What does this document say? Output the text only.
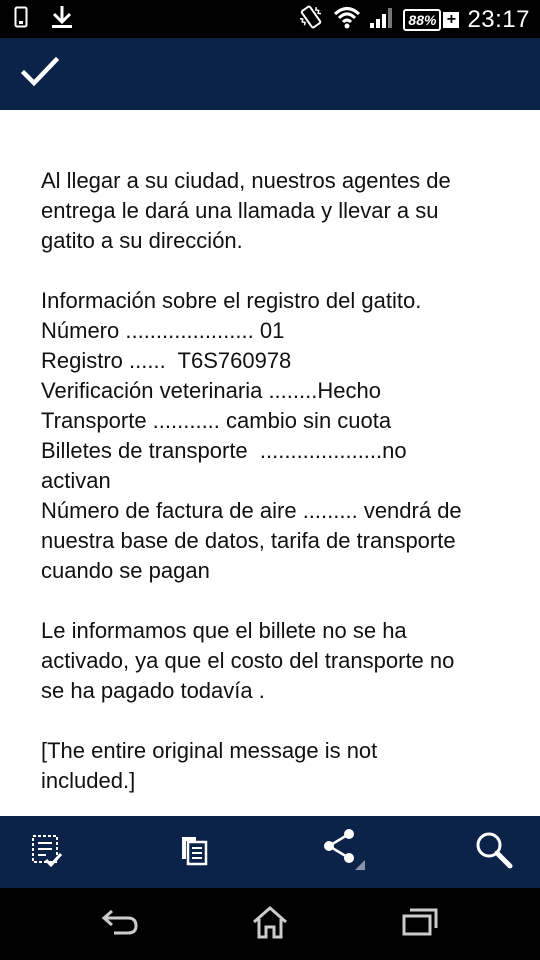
88% + 23:17

Al llegar a su ciudad, nuestros agentes de
entrega le dará una llamada y llevar a su
gatito a su dirección.

Información sobre el registro del gatito.
Número ..................... 01
Registro ......  T6S760978
Verificación veterinaria ........Hecho
Transporte ........... cambio sin cuota
Billetes de transporte  ....................no
activan
Número de factura de aire ......... vendrá de
nuestra base de datos, tarifa de transporte
cuando se pagan

Le informamos que el billete no se ha
activado, ya que el costo del transporte no
se ha pagado todavía .

[The entire original message is not
included.]
